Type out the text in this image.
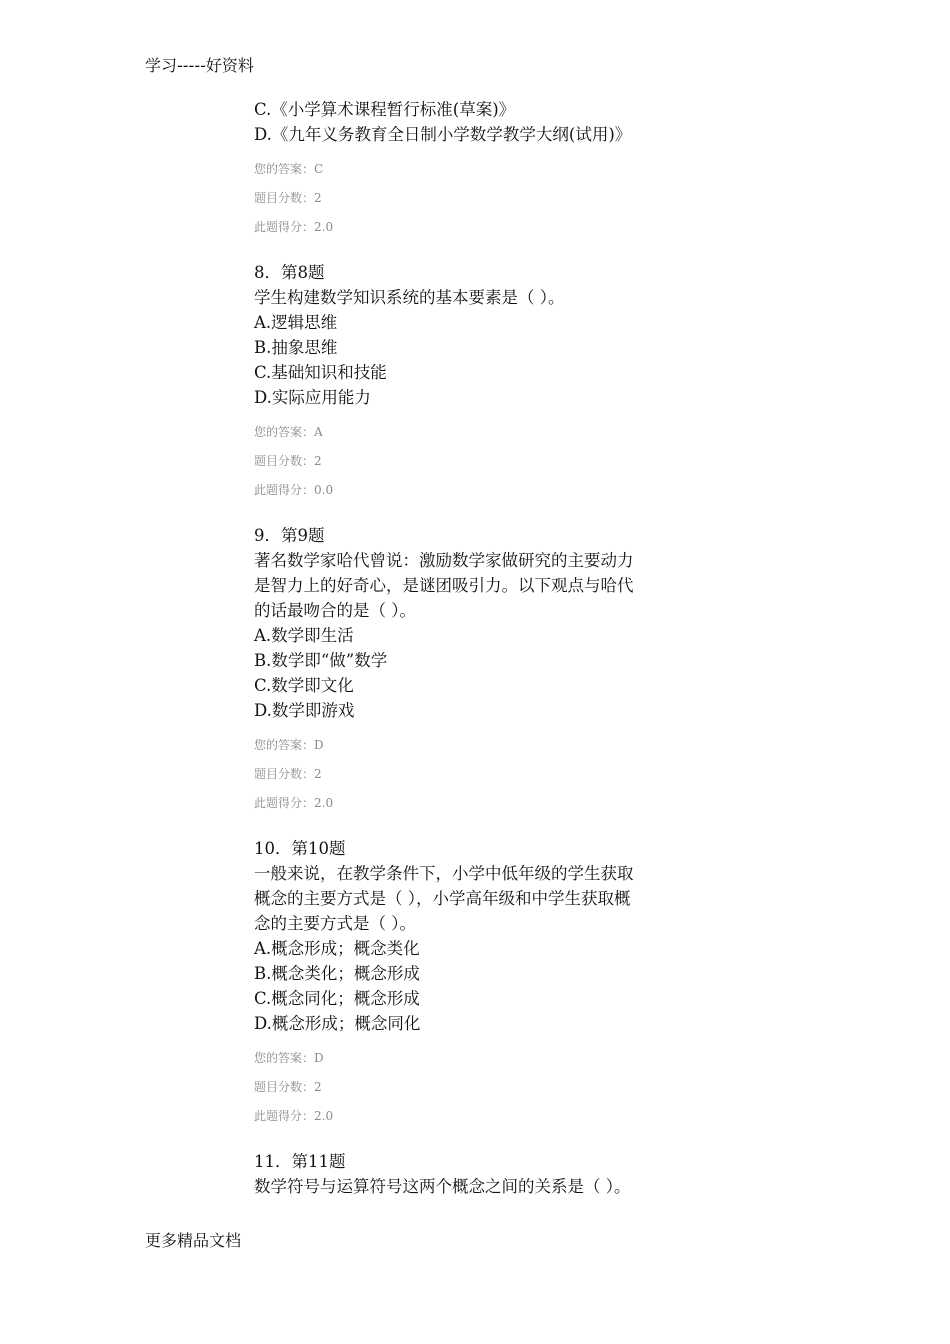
学习-----好资料
C.《小学算术课程暂行标准(草案)》
D.《九年义务教育全日制小学数学教学大纲(试用)》
您的答案：C
题目分数：2
此题得分：2.0
8．第8题
学生构建数学知识系统的基本要素是（ ）。
A.逻辑思维
B.抽象思维
C.基础知识和技能
D.实际应用能力
您的答案：A
题目分数：2
此题得分：0.0
9．第9题
著名数学家哈代曾说：激励数学家做研究的主要动力
是智力上的好奇心，是谜团吸引力。以下观点与哈代
的话最吻合的是（ ）。
A.数学即生活
B.数学即“做”数学
C.数学即文化
D.数学即游戏
您的答案：D
题目分数：2
此题得分：2.0
10．第10题
一般来说，在教学条件下，小学中低年级的学生获取
概念的主要方式是（ ），小学高年级和中学生获取概
念的主要方式是（ ）。
A.概念形成；概念类化
B.概念类化；概念形成
C.概念同化；概念形成
D.概念形成；概念同化
您的答案：D
题目分数：2
此题得分：2.0
11．第11题
数学符号与运算符号这两个概念之间的关系是（ ）。
更多精品文档
